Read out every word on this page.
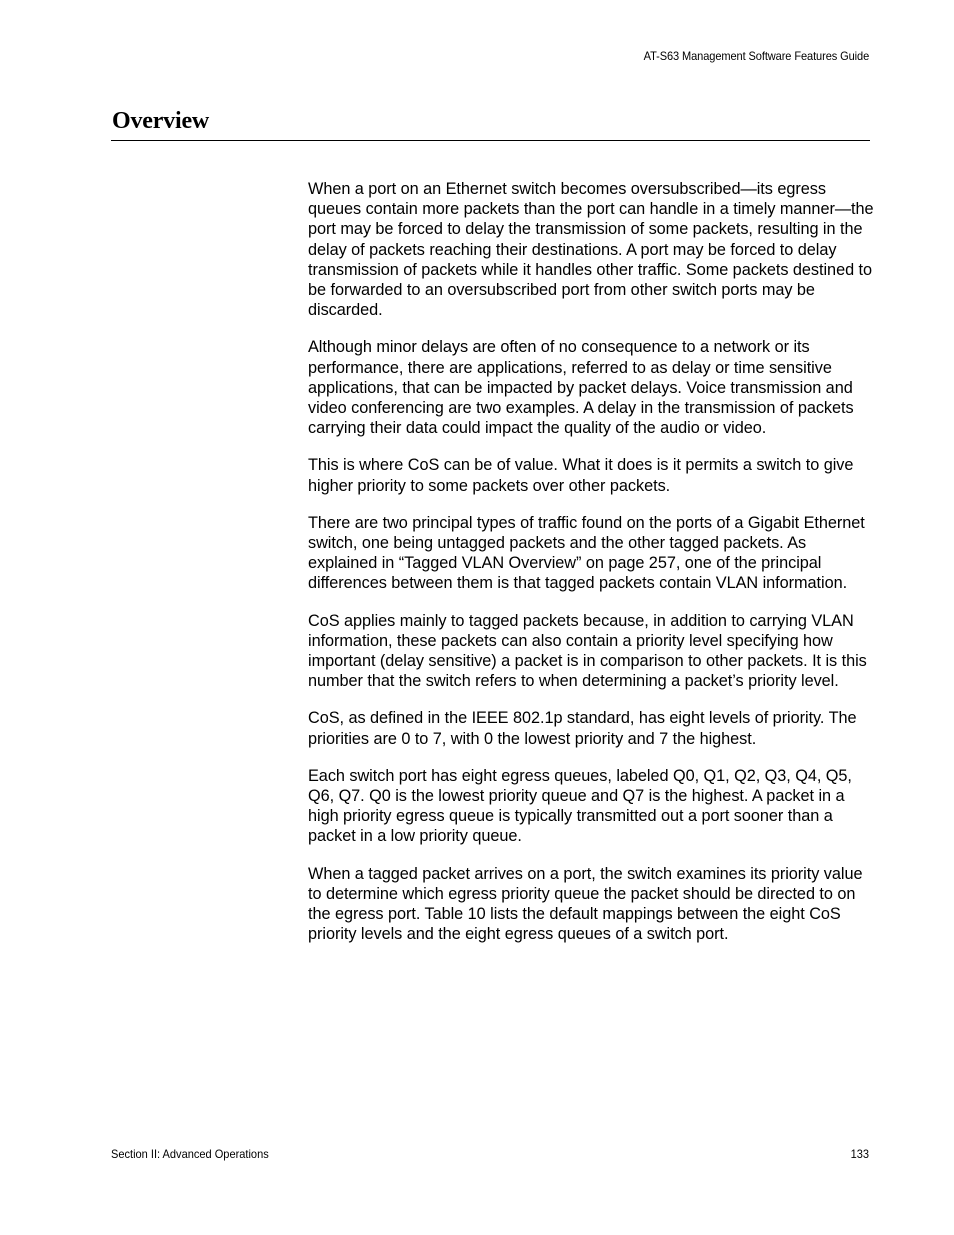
AT-S63 Management Software Features Guide
Overview

When a port on an Ethernet switch becomes oversubscribed—its egress queues contain more packets than the port can handle in a timely manner—the port may be forced to delay the transmission of some packets, resulting in the delay of packets reaching their destinations. A port may be forced to delay transmission of packets while it handles other traffic. Some packets destined to be forwarded to an oversubscribed port from other switch ports may be discarded.

Although minor delays are often of no consequence to a network or its performance, there are applications, referred to as delay or time sensitive applications, that can be impacted by packet delays. Voice transmission and video conferencing are two examples. A delay in the transmission of packets carrying their data could impact the quality of the audio or video.

This is where CoS can be of value. What it does is it permits a switch to give higher priority to some packets over other packets.

There are two principal types of traffic found on the ports of a Gigabit Ethernet switch, one being untagged packets and the other tagged packets. As explained in “Tagged VLAN Overview” on page 257, one of the principal differences between them is that tagged packets contain VLAN information.

CoS applies mainly to tagged packets because, in addition to carrying VLAN information, these packets can also contain a priority level specifying how important (delay sensitive) a packet is in comparison to other packets. It is this number that the switch refers to when determining a packet’s priority level.

CoS, as defined in the IEEE 802.1p standard, has eight levels of priority. The priorities are 0 to 7, with 0 the lowest priority and 7 the highest.

Each switch port has eight egress queues, labeled Q0, Q1, Q2, Q3, Q4, Q5, Q6, Q7. Q0 is the lowest priority queue and Q7 is the highest. A packet in a high priority egress queue is typically transmitted out a port sooner than a packet in a low priority queue.

When a tagged packet arrives on a port, the switch examines its priority value to determine which egress priority queue the packet should be directed to on the egress port. Table 10 lists the default mappings between the eight CoS priority levels and the eight egress queues of a switch port.

Section II: Advanced Operations	133
